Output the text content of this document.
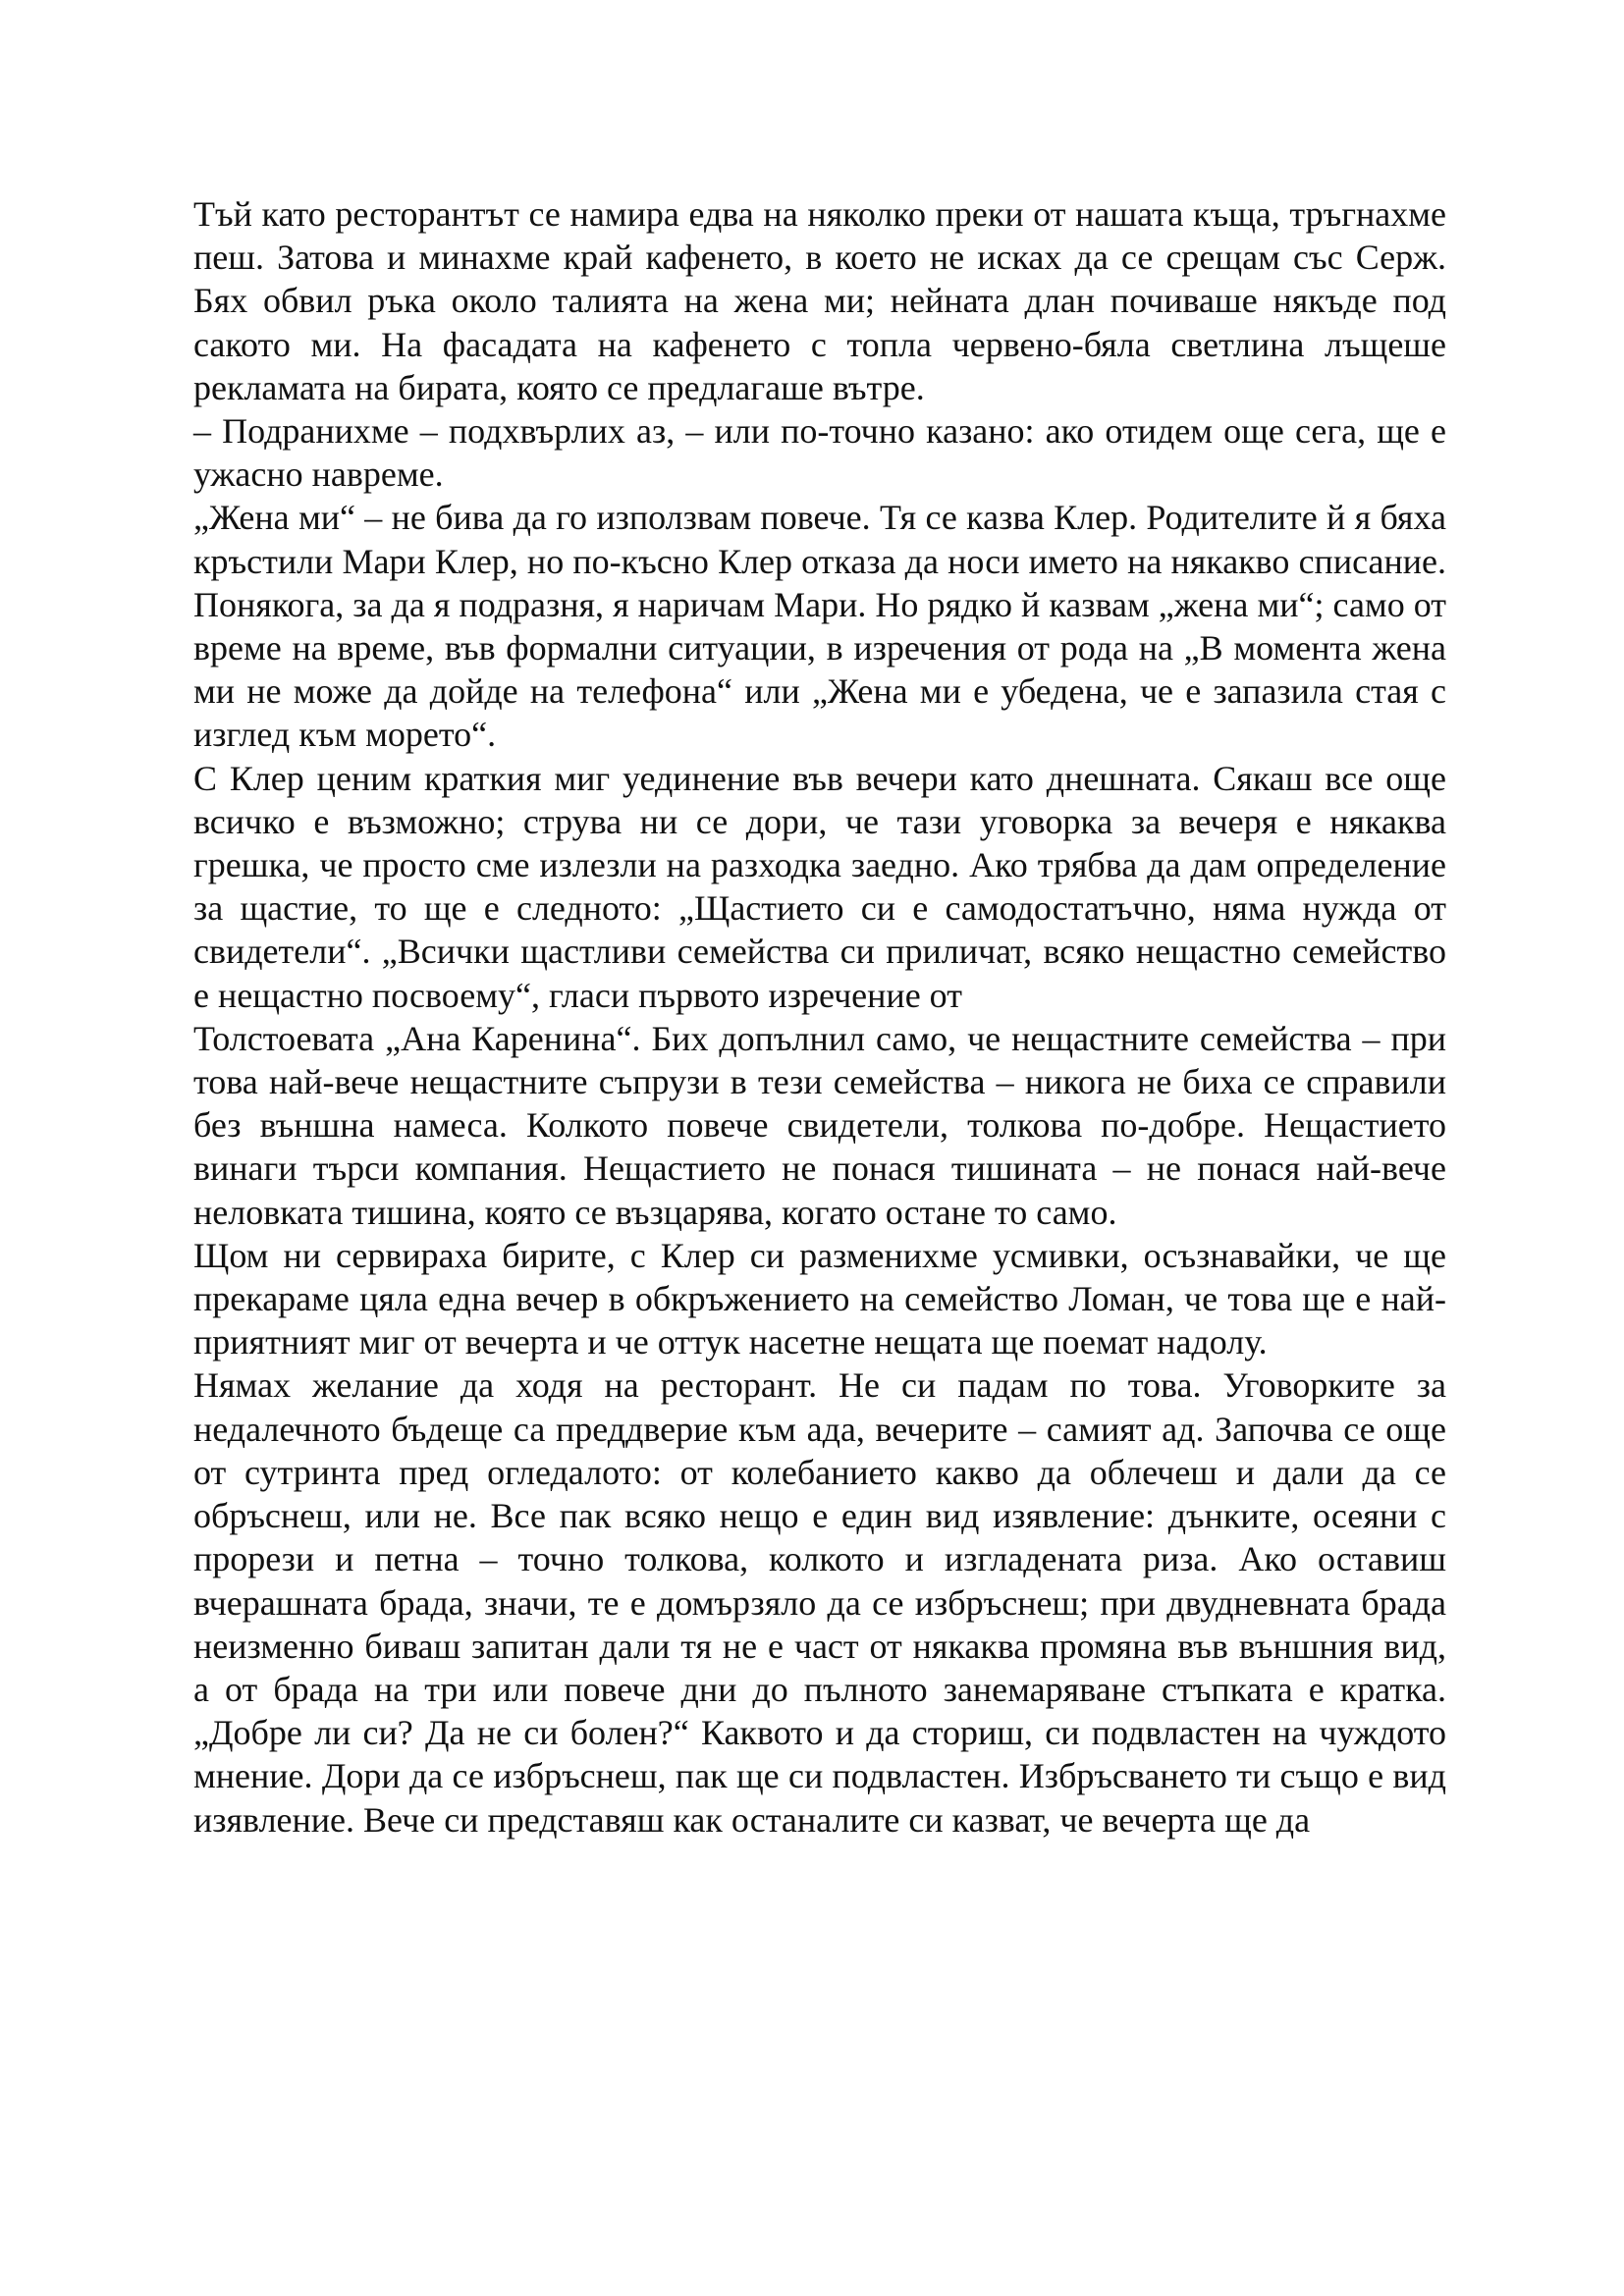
Тъй като ресторантът се намира едва на няколко преки от нашата къща, тръгнахме пеш. Затова и минахме край кафенето, в което не исках да се срещам със Серж. Бях обвил ръка около талията на жена ми; нейната длан почиваше някъде под сакото ми. На фасадата на кафенето с топла червено-бяла светлина лъщеше рекламата на бирата, която се предлагаше вътре.

– Подранихме – подхвърлих аз, – или по-точно казано: ако отидем още сега, ще е ужасно навреме.

„Жена ми“ – не бива да го използвам повече. Тя се казва Клер. Родителите й я бяха кръстили Мари Клер, но по-късно Клер отказа да носи името на някакво списание. Понякога, за да я подразня, я наричам Мари. Но рядко й казвам „жена ми“; само от време на време, във формални ситуации, в изречения от рода на „В момента жена ми не може да дойде на телефона“ или „Жена ми е убедена, че е запазила стая с изглед към морето“.

С Клер ценим краткия миг уединение във вечери като днешната. Сякаш все още всичко е възможно; струва ни се дори, че тази уговорка за вечеря е някаква грешка, че просто сме излезли на разходка заедно. Ако трябва да дам определение за щастие, то ще е следното: „Щастието си е самодостатъчно, няма нужда от свидетели“. „Всички щастливи семейства си приличат, всяко нещастно семейство е нещастно посвоему“, гласи първото изречение от

Толстоевата „Ана Каренина“. Бих допълнил само, че нещастните семейства – при това най-вече нещастните съпрузи в тези семейства – никога не биха се справили без външна намеса. Колкото повече свидетели, толкова по-добре. Нещастието винаги търси компания. Нещастието не понася тишината – не понася най-вече неловката тишина, която се възцарява, когато остане то само.

Щом ни сервираха бирите, с Клер си разменихме усмивки, осъзнавайки, че ще прекараме цяла една вечер в обкръжението на семейство Ломан, че това ще е най-приятният миг от вечерта и че оттук насетне нещата ще поемат надолу.

Нямах желание да ходя на ресторант. Не си падам по това. Уговорките за недалечното бъдеще са преддверие към ада, вечерите – самият ад. Започва се още от сутринта пред огледалото: от колебанието какво да облечеш и дали да се обръснеш, или не. Все пак всяко нещо е един вид изявление: дънките, осеяни с прорези и петна – точно толкова, колкото и изгладената риза. Ако оставиш вчерашната брада, значи, те е домързяло да се избръснеш; при двудневната брада неизменно биваш запитан дали тя не е част от някаква промяна във външния вид, а от брада на три или повече дни до пълното занемаряване стъпката е кратка. „Добре ли си? Да не си болен?“ Каквото и да сториш, си подвластен на чуждото мнение. Дори да се избръснеш, пак ще си подвластен. Избръсването ти също е вид изявление. Вече си представяш как останалите си казват, че вечерта ще да
